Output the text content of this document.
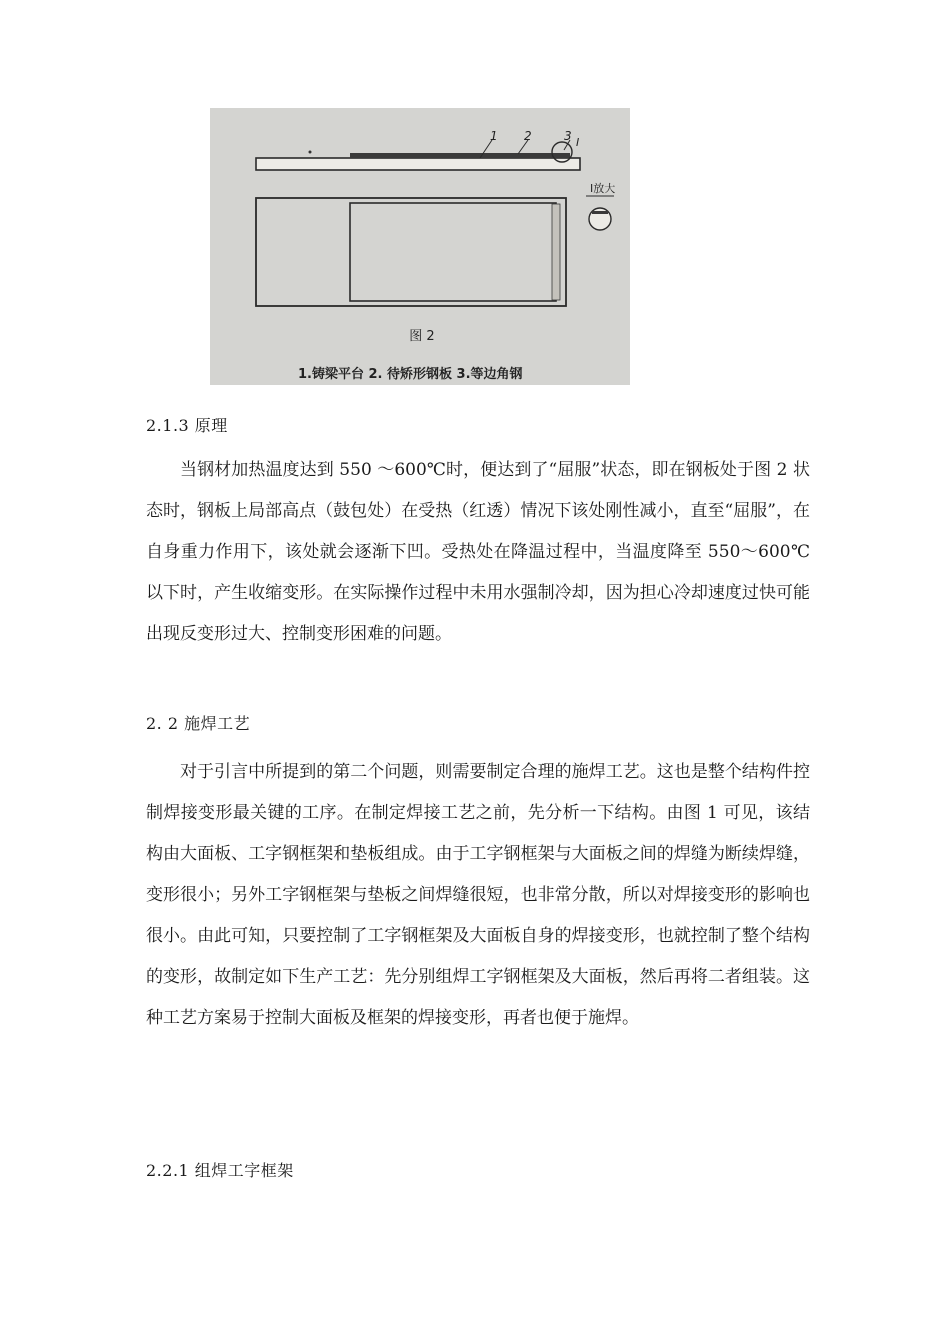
1 2	3 I
I放大
图 2
1.铸梁平台 2. 待矫形钢板 3.等边角钢
2.1.3 原理

当钢材加热温度达到 550 ～600℃时，便达到了“屈服”状态，即在钢板处于图 2 状态时，钢板上局部高点（鼓包处）在受热（红透）情况下该处刚性减小，直至“屈服”，在自身重力作用下，该处就会逐渐下凹。受热处在降温过程中，当温度降至 550～600℃以下时，产生收缩变形。在实际操作过程中未用水强制冷却，因为担心冷却速度过快可能出现反变形过大、控制变形困难的问题。

2. 2 施焊工艺

对于引言中所提到的第二个问题，则需要制定合理的施焊工艺。这也是整个结构件控制焊接变形最关键的工序。在制定焊接工艺之前，先分析一下结构。由图 1 可见，该结构由大面板、工字钢框架和垫板组成。由于工字钢框架与大面板之间的焊缝为断续焊缝，变形很小；另外工字钢框架与垫板之间焊缝很短，也非常分散，所以对焊接变形的影响也很小。由此可知，只要控制了工字钢框架及大面板自身的焊接变形，也就控制了整个结构的变形，故制定如下生产工艺：先分别组焊工字钢框架及大面板，然后再将二者组装。这种工艺方案易于控制大面板及框架的焊接变形，再者也便于施焊。

2.2.1 组焊工字框架
